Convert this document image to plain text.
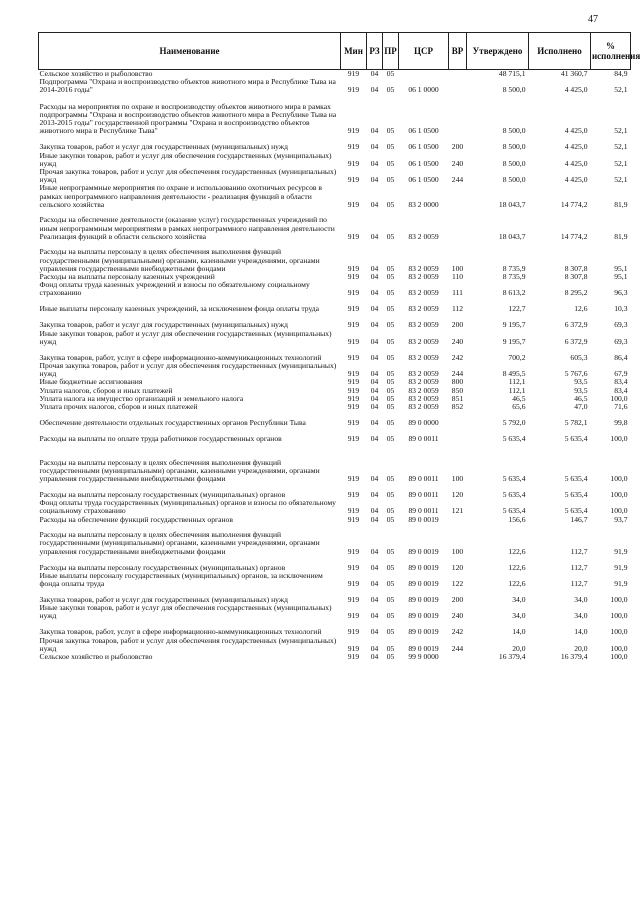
47
Наименование	Мин	РЗ	ПР	ЦСР	ВР	Утверждено	Исполнено	% исполнения
Сельское хозяйство и рыболовство	919	04	05			48 715,1	41 360,7	84,9
Подпрограмма "Охрана и воспроизводство объектов животного мира в Республике Тыва на 2014-2016 годы"	919	04	05	06 1 0000		8 500,0	4 425,0	52,1
Расходы на мероприятия по охране и воспроизводству объектов животного мира в рамках подпрограммы "Охрана и воспроизводство объектов животного мира в Республике Тыва на 2013-2015 годы" государственной программы "Охрана и воспроизводство объектов животного мира в Республике Тыва"	919	04	05	06 1 0500		8 500,0	4 425,0	52,1
Закупка товаров, работ и услуг для государственных (муниципальных) нужд	919	04	05	06 1 0500	200	8 500,0	4 425,0	52,1
Иные закупки товаров, работ и услуг для обеспечения государственных (муниципальных) нужд	919	04	05	06 1 0500	240	8 500,0	4 425,0	52,1
Прочая закупка товаров, работ и услуг для обеспечения государственных (муниципальных) нужд	919	04	05	06 1 0500	244	8 500,0	4 425,0	52,1
Иные непрограммные мероприятия по охране и использованию охотничьих ресурсов в рамках непрограммного направления деятельности - реализация функций в области сельского хозяйства	919	04	05	83 2 0000		18 043,7	14 774,2	81,9
Расходы на обеспечение деятельности (оказание услуг) государственных учреждений по иным непрограммным мероприятиям в рамках непрограммного направления деятельности Реализация функций в области сельского хозяйства	919	04	05	83 2 0059		18 043,7	14 774,2	81,9
Расходы на выплаты персоналу в целях обеспечения выполнения функций государственными (муниципальными) органами, казенными учреждениями, органами управления государственными внебюджетными фондами	919	04	05	83 2 0059	100	8 735,9	8 307,8	95,1
Расходы на выплаты персоналу казенных учреждений	919	04	05	83 2 0059	110	8 735,9	8 307,8	95,1
Фонд оплаты труда казенных учреждений и взносы по обязательному социальному страхованию	919	04	05	83 2 0059	111	8 613,2	8 295,2	96,3
Иные выплаты персоналу казенных учреждений, за исключением фонда оплаты труда	919	04	05	83 2 0059	112	122,7	12,6	10,3
Закупка товаров, работ и услуг для государственных (муниципальных) нужд	919	04	05	83 2 0059	200	9 195,7	6 372,9	69,3
Иные закупки товаров, работ и услуг для обеспечения государственных (муниципальных) нужд	919	04	05	83 2 0059	240	9 195,7	6 372,9	69,3
Закупка товаров, работ, услуг в сфере информационно-коммуникационных технологий	919	04	05	83 2 0059	242	700,2	605,3	86,4
Прочая закупка товаров, работ и услуг для обеспечения государственных (муниципальных) нужд	919	04	05	83 2 0059	244	8 495,5	5 767,6	67,9
Иные бюджетные ассигнования	919	04	05	83 2 0059	800	112,1	93,5	83,4
Уплата налогов, сборов и иных платежей	919	04	05	83 2 0059	850	112,1	93,5	83,4
Уплата налога на имущество организаций и земельного налога	919	04	05	83 2 0059	851	46,5	46,5	100,0
Уплата прочих налогов, сборов и иных платежей	919	04	05	83 2 0059	852	65,6	47,0	71,6
Обеспечение деятельности отдельных государственных органов Республики Тыва	919	04	05	89 0 0000		5 792,0	5 782,1	99,8
Расходы на выплаты по оплате труда работников государственных органов	919	04	05	89 0 0011		5 635,4	5 635,4	100,0
Расходы на выплаты персоналу в целях обеспечения выполнения функций государственными (муниципальными) органами, казенными учреждениями, органами управления государственными внебюджетными фондами	919	04	05	89 0 0011	100	5 635,4	5 635,4	100,0
Расходы на выплаты персоналу государственных (муниципальных) органов	919	04	05	89 0 0011	120	5 635,4	5 635,4	100,0
Фонд оплаты труда государственных (муниципальных) органов и взносы по обязательному социальному страхованию	919	04	05	89 0 0011	121	5 635,4	5 635,4	100,0
Расходы на обеспечение функций государственных органов	919	04	05	89 0 0019		156,6	146,7	93,7
Расходы на выплаты персоналу в целях обеспечения выполнения функций государственными (муниципальными) органами, казенными учреждениями, органами управления государственными внебюджетными фондами	919	04	05	89 0 0019	100	122,6	112,7	91,9
Расходы на выплаты персоналу государственных (муниципальных) органов	919	04	05	89 0 0019	120	122,6	112,7	91,9
Иные выплаты персоналу государственных (муниципальных) органов, за исключением фонда оплаты труда	919	04	05	89 0 0019	122	122,6	112,7	91,9
Закупка товаров, работ и услуг для государственных (муниципальных) нужд	919	04	05	89 0 0019	200	34,0	34,0	100,0
Иные закупки товаров, работ и услуг для обеспечения государственных (муниципальных) нужд	919	04	05	89 0 0019	240	34,0	34,0	100,0
Закупка товаров, работ, услуг в сфере информационно-коммуникационных технологий	919	04	05	89 0 0019	242	14,0	14,0	100,0
Прочая закупка товаров, работ и услуг для обеспечения государственных (муниципальных) нужд	919	04	05	89 0 0019	244	20,0	20,0	100,0
Сельское хозяйство и рыболовство	919	04	05	99 9 0000		16 379,4	16 379,4	100,0
